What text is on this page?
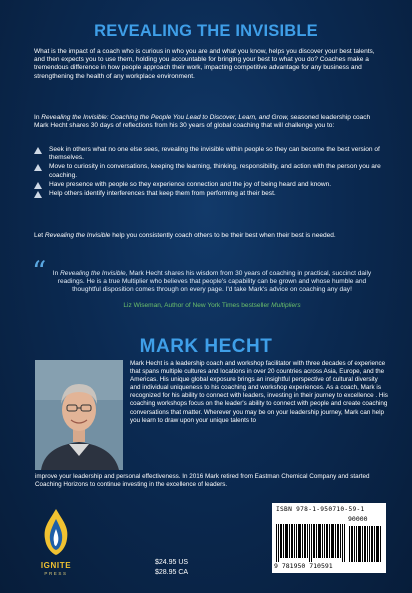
REVEALING THE INVISIBLE
What is the impact of a coach who is curious in who you are and what you know, helps you discover your best talents, and then expects you to use them, holding you accountable for bringing your best to what you do? Coaches make a tremendous difference in how people approach their work, impacting competitive advantage for any business and strengthening the health of any workplace environment.
In Revealing the Invisible: Coaching the People You Lead to Discover, Learn, and Grow, seasoned leadership coach Mark Hecht shares 30 days of reflections from his 30 years of global coaching that will challenge you to:
Seek in others what no one else sees, revealing the invisible within people so they can become the best version of themselves.
Move to curiosity in conversations, keeping the learning, thinking, responsibility, and action with the person you are coaching.
Have presence with people so they experience connection and the joy of being heard and known.
Help others identify interferences that keep them from performing at their best.
Let Revealing the Invisible help you consistently coach others to be their best when their best is needed.
“ In Revealing the Invisible, Mark Hecht shares his wisdom from 30 years of coaching in practical, succinct daily readings. He is a true Multiplier who believes that people's capability can be grown and whose humble and thoughtful disposition comes through on every page. I'd take Mark's advice on coaching any day!
Liz Wiseman, Author of New York Times bestseller Multipliers
MARK HECHT
Mark Hecht is a leadership coach and workshop facilitator with three decades of experience that spans multiple cultures and locations in over 20 countries across Asia, Europe, and the Americas. His unique global exposure brings an insightful perspective of cultural diversity and individual uniqueness to his coaching and workshop experiences. As a coach, Mark is recognized for his ability to connect with leaders, investing in their journey to excellence . His coaching workshops focus on the leader's ability to connect with people and create coaching conversations that matter. Wherever you may be on your leadership journey, Mark can help you learn to draw upon your unique talents to
improve your leadership and personal effectiveness. In 2016 Mark retired from Eastman Chemical Company and started Coaching Horizons to continue investing in the excellence of leaders.
IGNITE
PRESS
$24.95 US
$28.95 CA
ISBN 978-1-950710-59-1
90000
9 781950 710591
